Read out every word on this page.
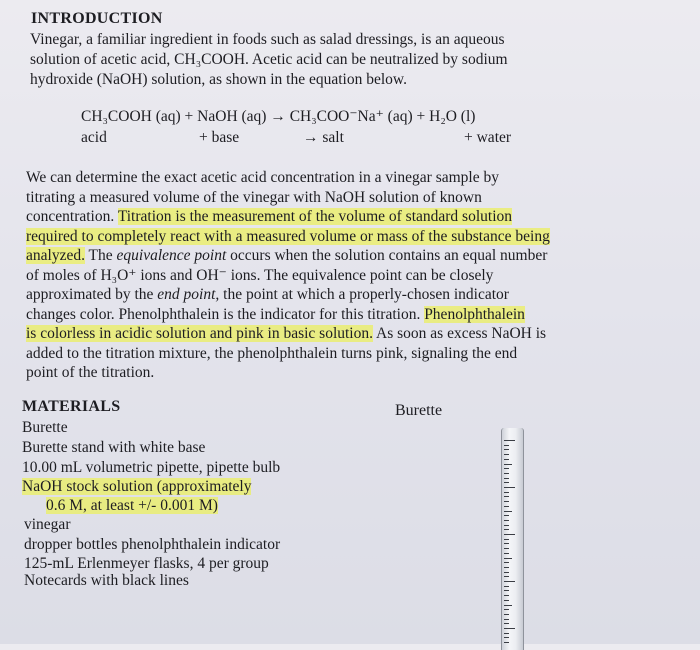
INTRODUCTION
Vinegar, a familiar ingredient in foods such as salad dressings, is an aqueous
solution of acetic acid, CH₃COOH. Acetic acid can be neutralized by sodium
hydroxide (NaOH) solution, as shown in the equation below.
CH₃COOH (aq) + NaOH (aq) → CH₃COO⁻Na⁺ (aq) + H₂O (l)
acid	+ base	→ salt	+ water
We can determine the exact acetic acid concentration in a vinegar sample by
titrating a measured volume of the vinegar with NaOH solution of known
concentration. Titration is the measurement of the volume of standard solution
required to completely react with a measured volume or mass of the substance being
analyzed. The equivalence point occurs when the solution contains an equal number
of moles of H₃O⁺ ions and OH⁻ ions. The equivalence point can be closely
approximated by the end point, the point at which a properly-chosen indicator
changes color. Phenolphthalein is the indicator for this titration. Phenolphthalein
is colorless in acidic solution and pink in basic solution. As soon as excess NaOH is
added to the titration mixture, the phenolphthalein turns pink, signaling the end
point of the titration.
MATERIALS
Burette
Burette stand with white base
10.00 mL volumetric pipette, pipette bulb
NaOH stock solution (approximately
0.6 M, at least +/- 0.001 M)
vinegar
dropper bottles phenolphthalein indicator
125-mL Erlenmeyer flasks, 4 per group
Notecards with black lines
Burette
